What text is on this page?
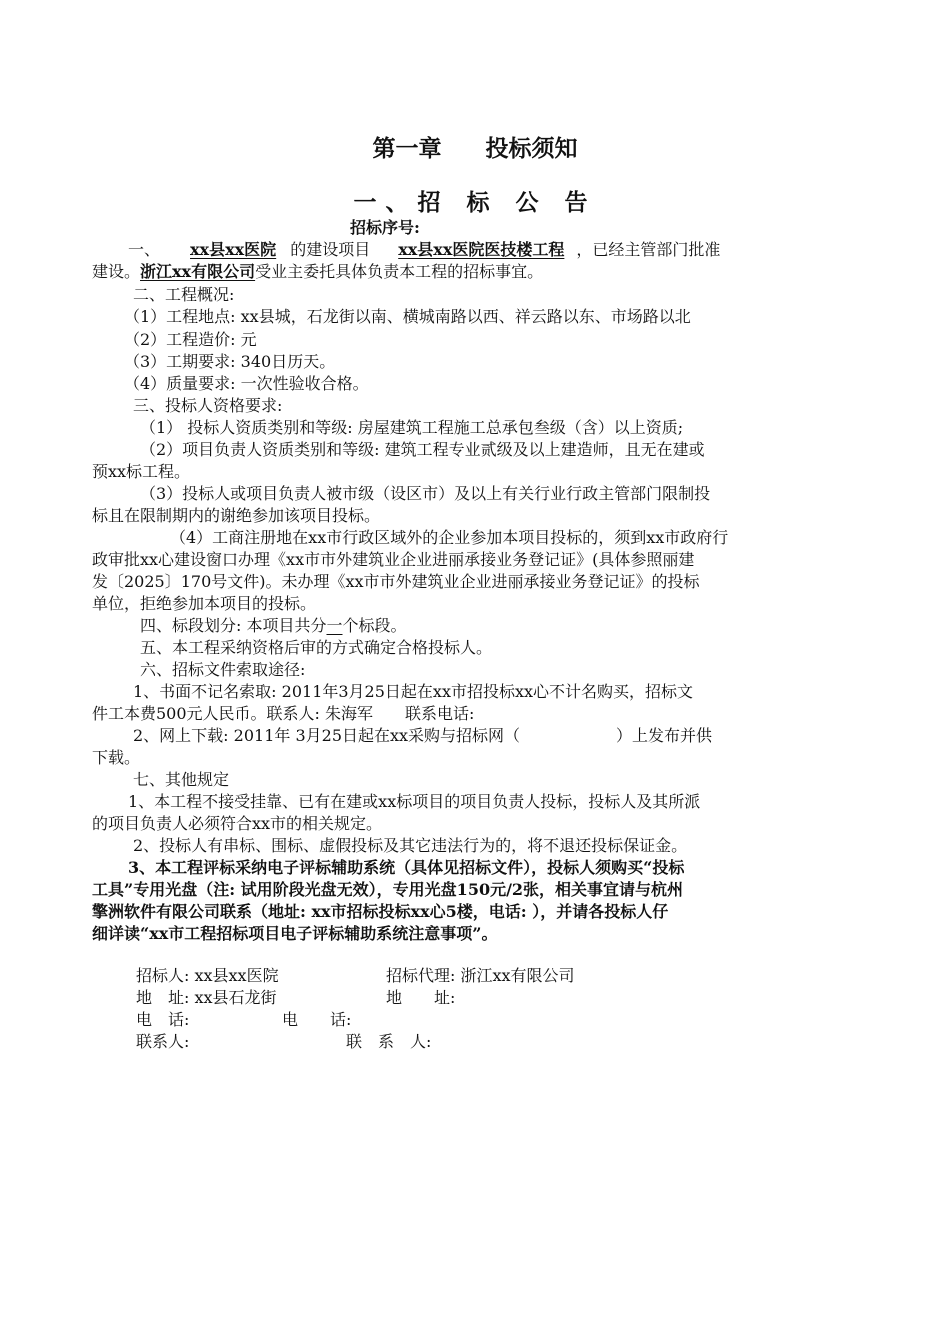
第一章 投标须知
一、招 标 公 告
招标序号:
一、 xx县xx医院 的建设项目 xx县xx医院医技楼工程 ，已经主管部门批准
建设。浙江xx有限公司受业主委托具体负责本工程的招标事宜。
二、工程概况:
（1）工程地点: xx县城，石龙街以南、横城南路以西、祥云路以东、市场路以北
（2）工程造价: 元
（3）工期要求: 340日历天。
（4）质量要求: 一次性验收合格。
三、投标人资格要求:
（1） 投标人资质类别和等级: 房屋建筑工程施工总承包叁级（含）以上资质;
（2）项目负责人资质类别和等级: 建筑工程专业贰级及以上建造师，且无在建或
预xx标工程。
（3）投标人或项目负责人被市级（设区市）及以上有关行业行政主管部门限制投
标且在限制期内的谢绝参加该项目投标。
（4）工商注册地在xx市行政区域外的企业参加本项目投标的，须到xx市政府行
政审批xx心建设窗口办理《xx市市外建筑业企业进丽承接业务登记证》(具体参照丽建
发〔2025〕170号文件)。未办理《xx市市外建筑业企业进丽承接业务登记证》的投标
单位，拒绝参加本项目的投标。
四、标段划分: 本项目共分一个标段。
五、本工程采纳资格后审的方式确定合格投标人。
六、招标文件索取途径:
1、书面不记名索取: 2011年3月25日起在xx市招投标xx心不计名购买，招标文
件工本费500元人民币。联系人: 朱海军　　联系电话:
2、网上下载: 2011年 3月25日起在xx采购与招标网（　　　　　　）上发布并供
下载。
七、其他规定
1、本工程不接受挂靠、已有在建或xx标项目的项目负责人投标，投标人及其所派
的项目负责人必须符合xx市的相关规定。
2、投标人有串标、围标、虚假投标及其它违法行为的，将不退还投标保证金。
3、本工程评标采纳电子评标辅助系统（具体见招标文件），投标人须购买“投标
工具”专用光盘（注: 试用阶段光盘无效），专用光盘150元/2张，相关事宜请与杭州
擎洲软件有限公司联系（地址: xx市招标投标xx心5楼，电话: ），并请各投标人仔
细详读“xx市工程招标项目电子评标辅助系统注意事项”。
招标人: xx县xx医院
地　址: xx县石龙街
电　话:
联系人:
招标代理: 浙江xx有限公司
地　　址:
电　　话:
联　系　人:
